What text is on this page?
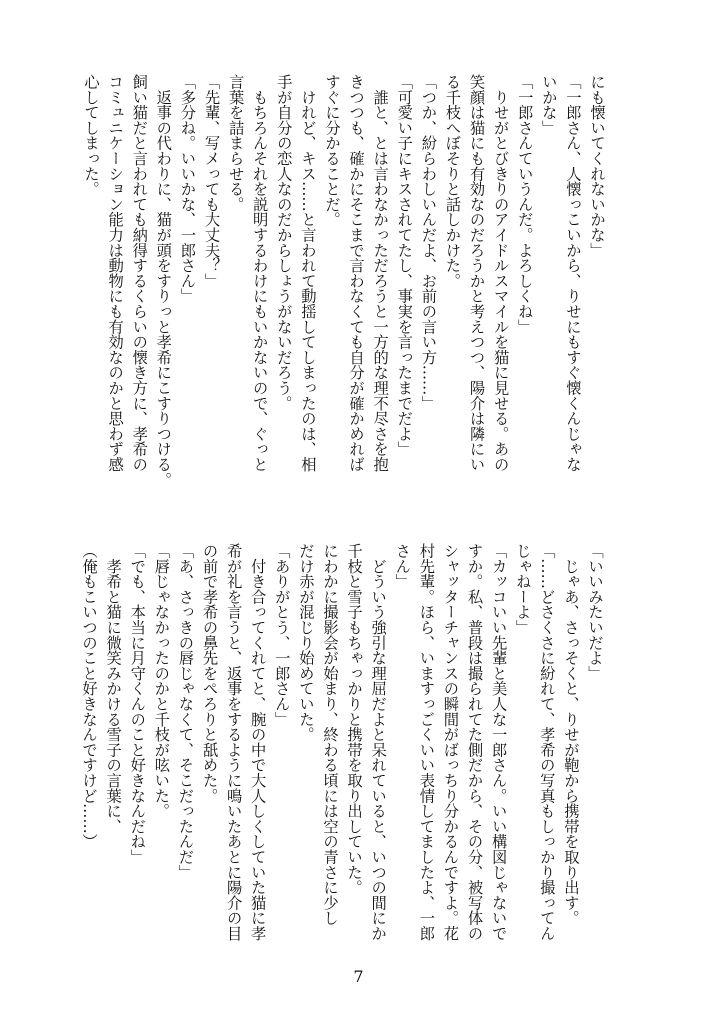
にも懐いてくれないかな」
「一郎さん、人懐っこいから、りせにもすぐ懐くんじゃな
いかな」
「一郎さんていうんだ。よろしくね」
　りせがとびきりのアイドルスマイルを猫に見せる。あの
笑顔は猫にも有効なのだろうかと考えつつ、陽介は隣にい
る千枝へぼそりと話しかけた。
「つか、紛らわしいんだよ、お前の言い方……」
「可愛い子にキスされてたし、事実を言ったまでだよ」
　誰と、とは言わなかっただろうと一方的な理不尽さを抱
きつつも、確かにそこまで言わなくても自分が確かめれば
すぐに分かることだ。
　けれど、キス……と言われて動揺してしまったのは、相
手が自分の恋人なのだからしょうがないだろう。
　もちろんそれを説明するわけにもいかないので、ぐっと
言葉を詰まらせる。
「先輩、写メっても大丈夫？」
「多分ね。いいかな、一郎さん」
　返事の代わりに、猫が頭をすりっと孝希にこすりつける。
飼い猫だと言われても納得するくらいの懐き方に、孝希の
コミュニケーション能力は動物にも有効なのかと思わず感
心してしまった。
「いいみたいだよ」
　じゃあ、さっそくと、りせが鞄から携帯を取り出す。
「……どさくさに紛れて、孝希の写真もしっかり撮ってん
じゃねーよ」
「カッコいい先輩と美人な一郎さん。いい構図じゃないで
すか。私、普段は撮られてた側だから、その分、被写体の
シャッターチャンスの瞬間がばっちり分かるんですよ。花
村先輩。ほら、いますっごくいい表情してましたよ、一郎
さん」
　どういう強引な理屈だよと呆れていると、いつの間にか
千枝と雪子もちゃっかりと携帯を取り出していた。
にわかに撮影会が始まり、終わる頃には空の青さに少し
だけ赤が混じり始めていた。
「ありがとう、一郎さん」
　付き合ってくれてと、腕の中で大人しくしていた猫に孝
希が礼を言うと、返事をするように鳴いたあとに陽介の目
の前で孝希の鼻先をぺろりと舐めた。
「あ、さっきの唇じゃなくて、そこだったんだ」
「唇じゃなかったのかと千枝が呟いた。
「でも、本当に月守くんのこと好きなんだね」
　孝希と猫に微笑みかける雪子の言葉に、
（俺もこいつのこと好きなんですけど……）
7
